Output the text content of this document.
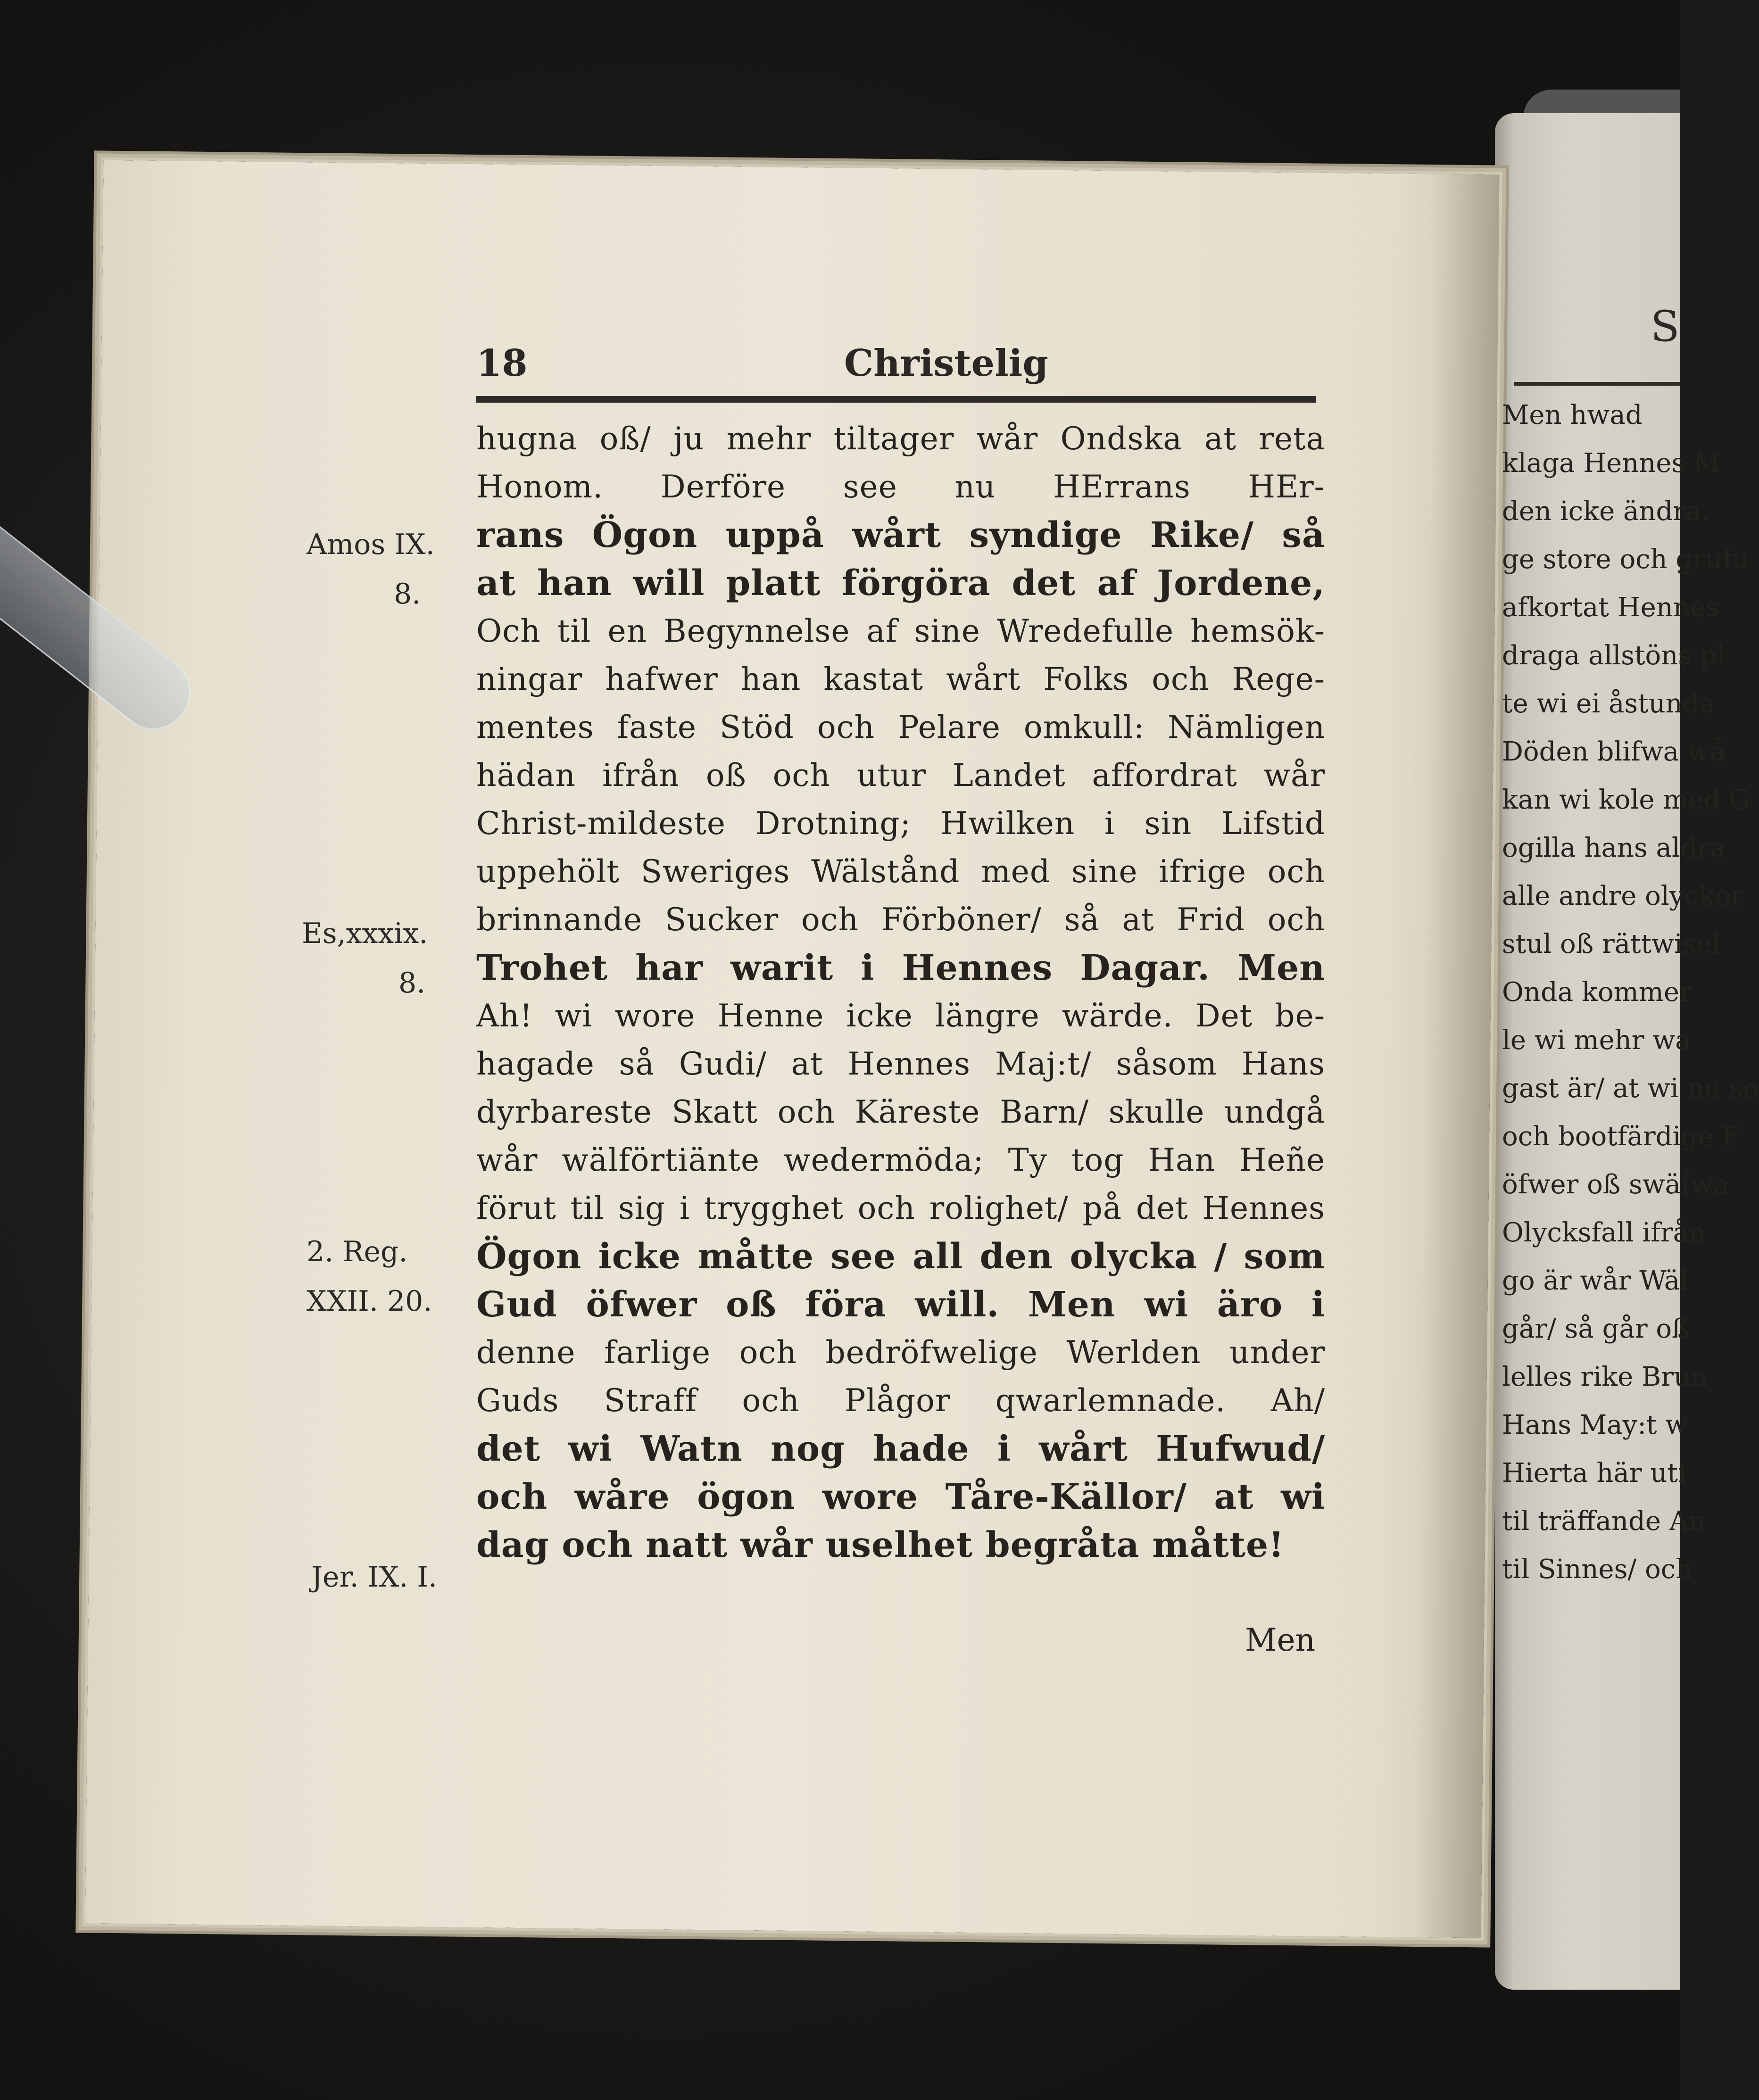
18	Christelig
hugna oß/ ju mehr tiltager wår Ondska at reta
Honom. Derföre see nu HErrans HEr-
rans Ögon uppå wårt syndige Rike/ så
at han will platt förgöra det af Jordene,
Och til en Begynnelse af sine Wredefulle hemsök-
ningar hafwer han kastat wårt Folks och Rege-
mentes faste Stöd och Pelare omkull: Nämligen
hädan ifrån oß och utur Landet affordrat wår
Christ-mildeste Drotning; Hwilken i sin Lifstid
uppehölt Sweriges Wälstånd med sine ifrige och
brinnande Sucker och Förböner/ så at Frid och
Trohet har warit i Hennes Dagar. Men
Ah! wi wore Henne icke längre wärde. Det be-
hagade så Gudi/ at Hennes Maj:t/ såsom Hans
dyrbareste Skatt och Käreste Barn/ skulle undgå
wår wälförtiänte wedermöda; Ty tog Han Heñe
förut til sig i trygghet och rolighet/ på det Hennes
Ögon icke måtte see all den olycka / som
Gud öfwer oß föra will. Men wi äro i
denne farlige och bedröfwelige Werlden under
Guds Straff och Plågor qwarlemnade. Ah/
det wi Watn nog hade i wårt Hufwud/
och wåre ögon wore Tåre-Källor/ at wi
dag och natt wår uselhet begråta måtte!
Men
Amos IX.
8.
Es,xxxix.
8.
2. Reg.
XXII. 20.
Jer. IX. I.
S
Men hwad
klaga Hennes M
den icke ändra.
ge store och grufu
afkortat Hennes
draga allstöns pl
te wi ei åstunda
Döden blifwa wå
kan wi kole med G
ogilla hans aldra
alle andre olyckor
stul oß rättwisel
Onda kommer
le wi mehr wa
gast är/ at wi nu so
och bootfärdige F
öfwer oß swäfwa
Olycksfall ifrån
go är wår Wäl
går/ så går oß
lelles rike Brun
Hans May:t w
Hierta här uti
til träffande An
til Sinnes/ och
